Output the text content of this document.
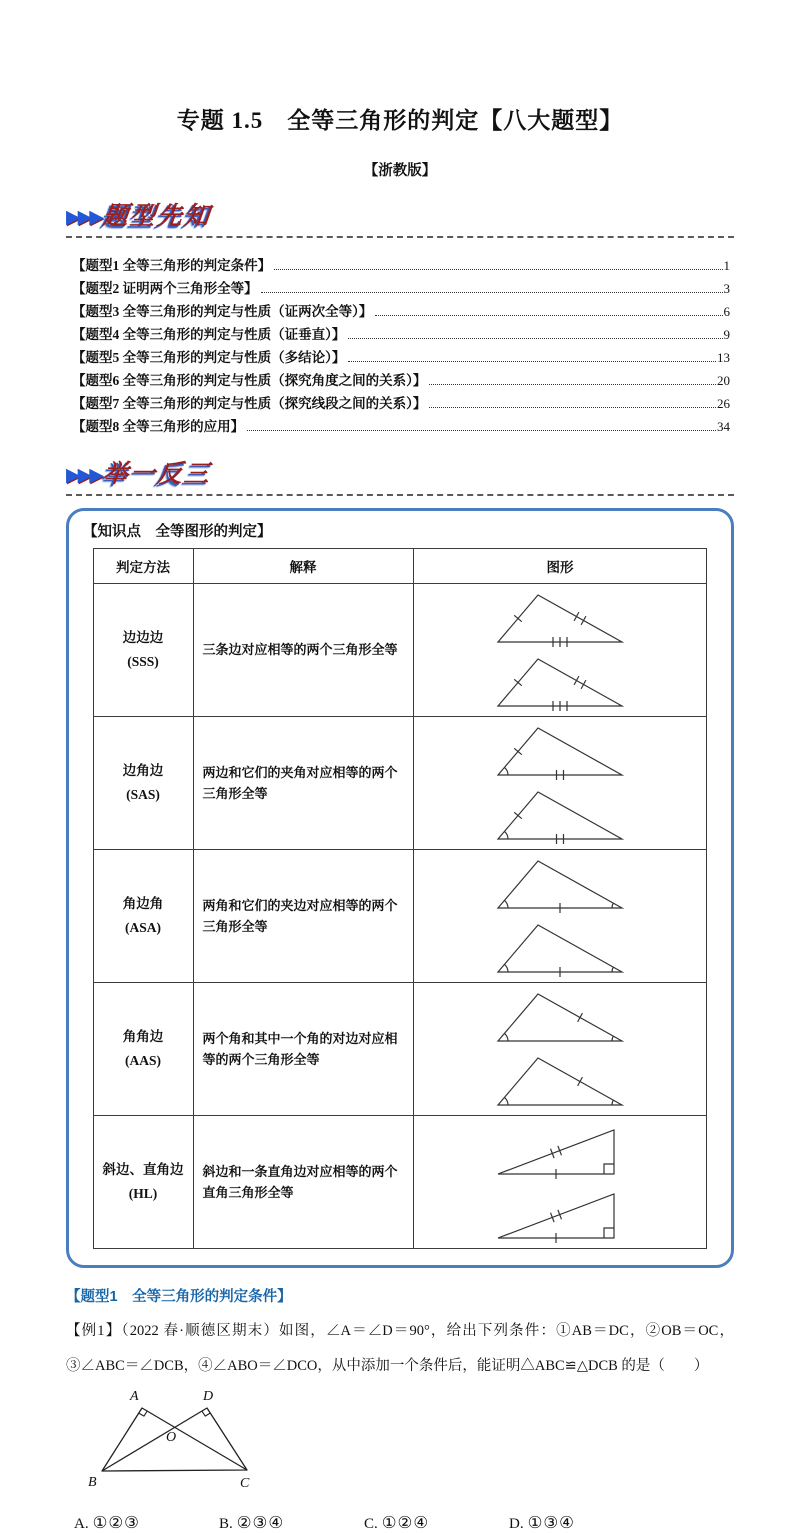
专题 1.5　全等三角形的判定【八大题型】
【浙教版】
▶▶▶题型先知
【题型1 全等三角形的判定条件】	1
【题型2 证明两个三角形全等】	3
【题型3 全等三角形的判定与性质（证两次全等）】	6
【题型4 全等三角形的判定与性质（证垂直）】	9
【题型5 全等三角形的判定与性质（多结论）】	13
【题型6 全等三角形的判定与性质（探究角度之间的关系）】	20
【题型7 全等三角形的判定与性质（探究线段之间的关系）】	26
【题型8 全等三角形的应用】	34
▶▶▶举一反三
【知识点　全等图形的判定】
判定方法	解释	图形

边边边
(SSS)	三条边对应相等的两个三角形全等	

边角边
(SAS)	两边和它们的夹角对应相等的两个三角形全等	

角边角
(ASA)	两角和它们的夹边对应相等的两个三角形全等	

角角边
(AAS)	两个角和其中一个角的对边对应相等的两个三角形全等	

斜边、直角边
(HL)	斜边和一条直角边对应相等的两个直角三角形全等	
【题型1　全等三角形的判定条件】

【例1】（2022 春·顺德区期末）如图，∠A＝∠D＝90°，给出下列条件：①AB＝DC，②OB＝OC，③∠ABC＝∠DCB，④∠ABO＝∠DCO，从中添加一个条件后，能证明△ABC≌△DCB 的是（　　）

A	D
O
B	C
A. ①②③	B. ②③④	C. ①②④	D. ①③④
